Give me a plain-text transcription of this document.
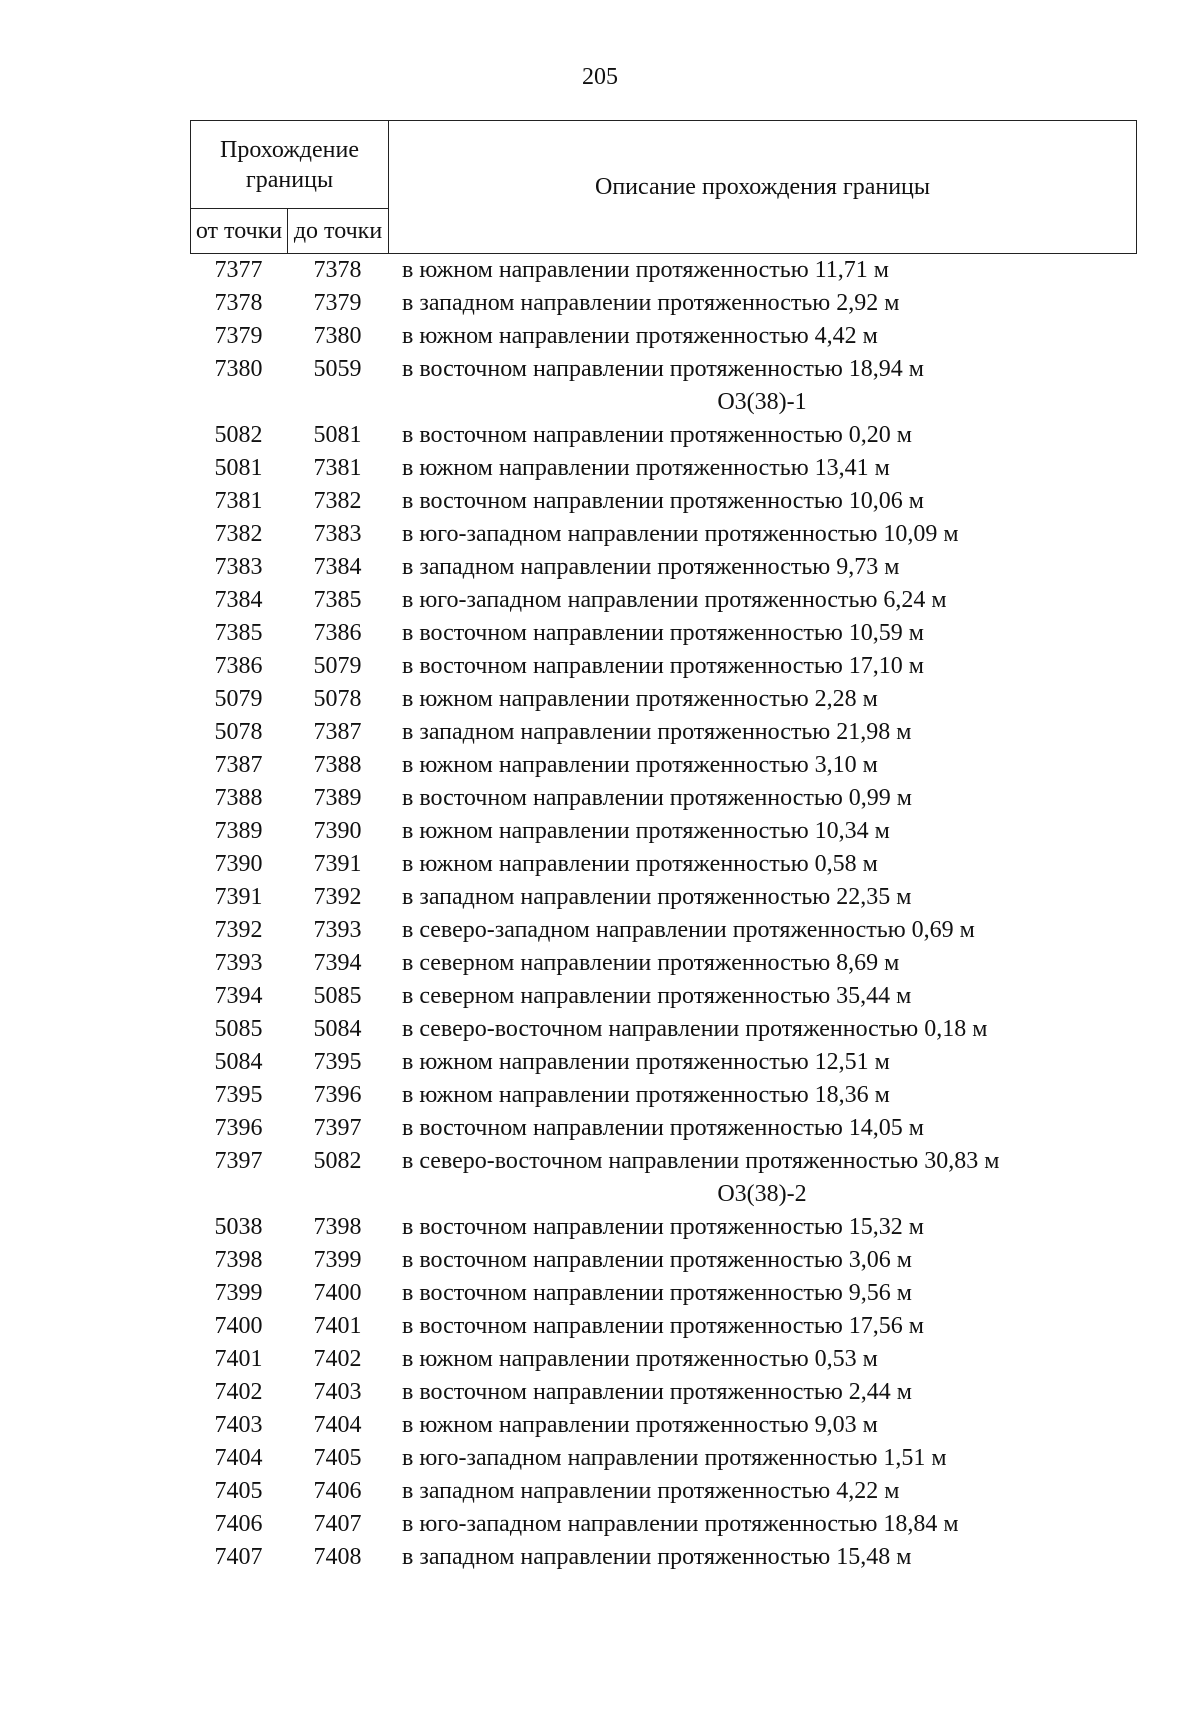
205
Прохождение границы		Описание прохождения границы
от точки	до точки	
7377	7378	в южном направлении протяженностью 11,71 м
7378	7379	в западном направлении протяженностью 2,92 м
7379	7380	в южном направлении протяженностью 4,42 м
7380	5059	в восточном направлении протяженностью 18,94 м
О3(38)-1
5082	5081	в восточном направлении протяженностью 0,20 м
5081	7381	в южном направлении протяженностью 13,41 м
7381	7382	в восточном направлении протяженностью 10,06 м
7382	7383	в юго-западном направлении протяженностью 10,09 м
7383	7384	в западном направлении протяженностью 9,73 м
7384	7385	в юго-западном направлении протяженностью 6,24 м
7385	7386	в восточном направлении протяженностью 10,59 м
7386	5079	в восточном направлении протяженностью 17,10 м
5079	5078	в южном направлении протяженностью 2,28 м
5078	7387	в западном направлении протяженностью 21,98 м
7387	7388	в южном направлении протяженностью 3,10 м
7388	7389	в восточном направлении протяженностью 0,99 м
7389	7390	в южном направлении протяженностью 10,34 м
7390	7391	в южном направлении протяженностью 0,58 м
7391	7392	в западном направлении протяженностью 22,35 м
7392	7393	в северо-западном направлении протяженностью 0,69 м
7393	7394	в северном направлении протяженностью 8,69 м
7394	5085	в северном направлении протяженностью 35,44 м
5085	5084	в северо-восточном направлении протяженностью 0,18 м
5084	7395	в южном направлении протяженностью 12,51 м
7395	7396	в южном направлении протяженностью 18,36 м
7396	7397	в восточном направлении протяженностью 14,05 м
7397	5082	в северо-восточном направлении протяженностью 30,83 м
О3(38)-2
5038	7398	в восточном направлении протяженностью 15,32 м
7398	7399	в восточном направлении протяженностью 3,06 м
7399	7400	в восточном направлении протяженностью 9,56 м
7400	7401	в восточном направлении протяженностью 17,56 м
7401	7402	в южном направлении протяженностью 0,53 м
7402	7403	в восточном направлении протяженностью 2,44 м
7403	7404	в южном направлении протяженностью 9,03 м
7404	7405	в юго-западном направлении протяженностью 1,51 м
7405	7406	в западном направлении протяженностью 4,22 м
7406	7407	в юго-западном направлении протяженностью 18,84 м
7407	7408	в западном направлении протяженностью 15,48 м
